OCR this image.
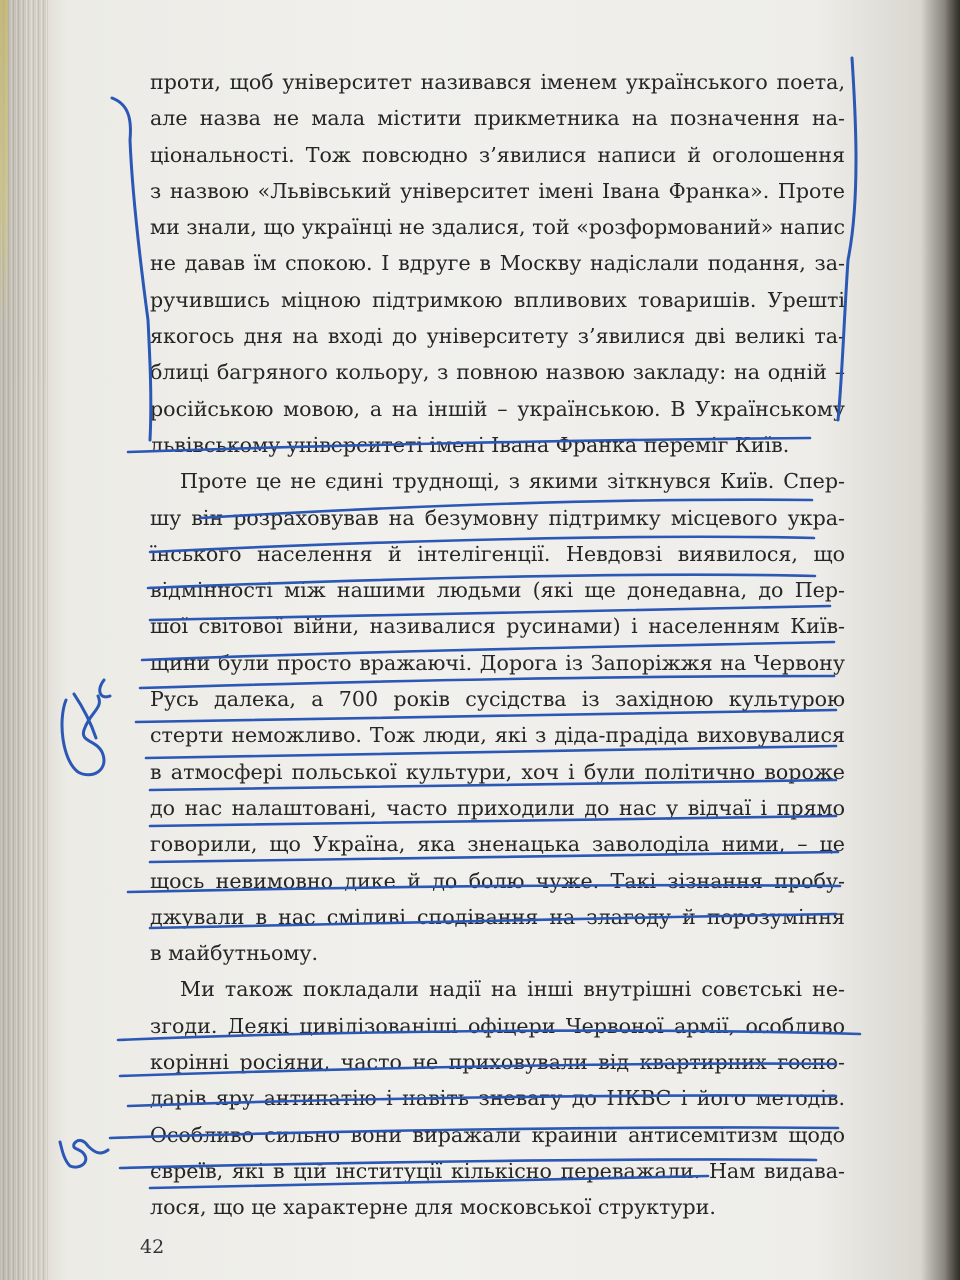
проти, щоб університет називався іменем українського поета,
але назва не мала містити прикметника на позначення на-
ціональності. Тож повсюдно з’явилися написи й оголошення
з назвою «Львівський університет імені Івана Франка». Проте
ми знали, що українці не здалися, той «розформований» напис
не давав їм спокою. І вдруге в Москву надіслали подання, за-
ручившись міцною підтримкою впливових товаришів. Урешті
якогось дня на вході до університету з’явилися дві великі та-
блиці багряного кольору, з повною назвою закладу: на одній –
російською мовою, а на іншій – українською. В Українському
львівському університеті імені Івана Франка переміг Київ.
Проте це не єдині труднощі, з якими зіткнувся Київ. Спер-
шу він розраховував на безумовну підтримку місцевого укра-
їнського населення й інтелігенції. Невдовзі виявилося, що
відмінності між нашими людьми (які ще донедавна, до Пер-
шої світової війни, називалися русинами) і населенням Київ-
щини були просто вражаючі. Дорога із Запоріжжя на Червону
Русь далека, а 700 років сусідства із західною культурою
стерти неможливо. Тож люди, які з діда-прадіда виховувалися
в атмосфері польської культури, хоч і були політично вороже
до нас налаштовані, часто приходили до нас у відчаї і прямо
говорили, що Україна, яка зненацька заволоділа ними, – це
щось невимовно дике й до болю чуже. Такі зізнання пробу-
джували в нас сміливі сподівання на злагоду й порозуміння
в майбутньому.
Ми також покладали надії на інші внутрішні совєтські не-
згоди. Деякі цивілізованіші офіцери Червоної армії, особливо
корінні росіяни, часто не приховували від квартирних госпо-
дарів яру антипатію і навіть зневагу до НКВС і його методів.
Особливо сильно вони виражали крайній антисемітизм щодо
євреїв, які в цій інституції кількісно переважали. Нам видава-
лося, що це характерне для московської структури.
42
